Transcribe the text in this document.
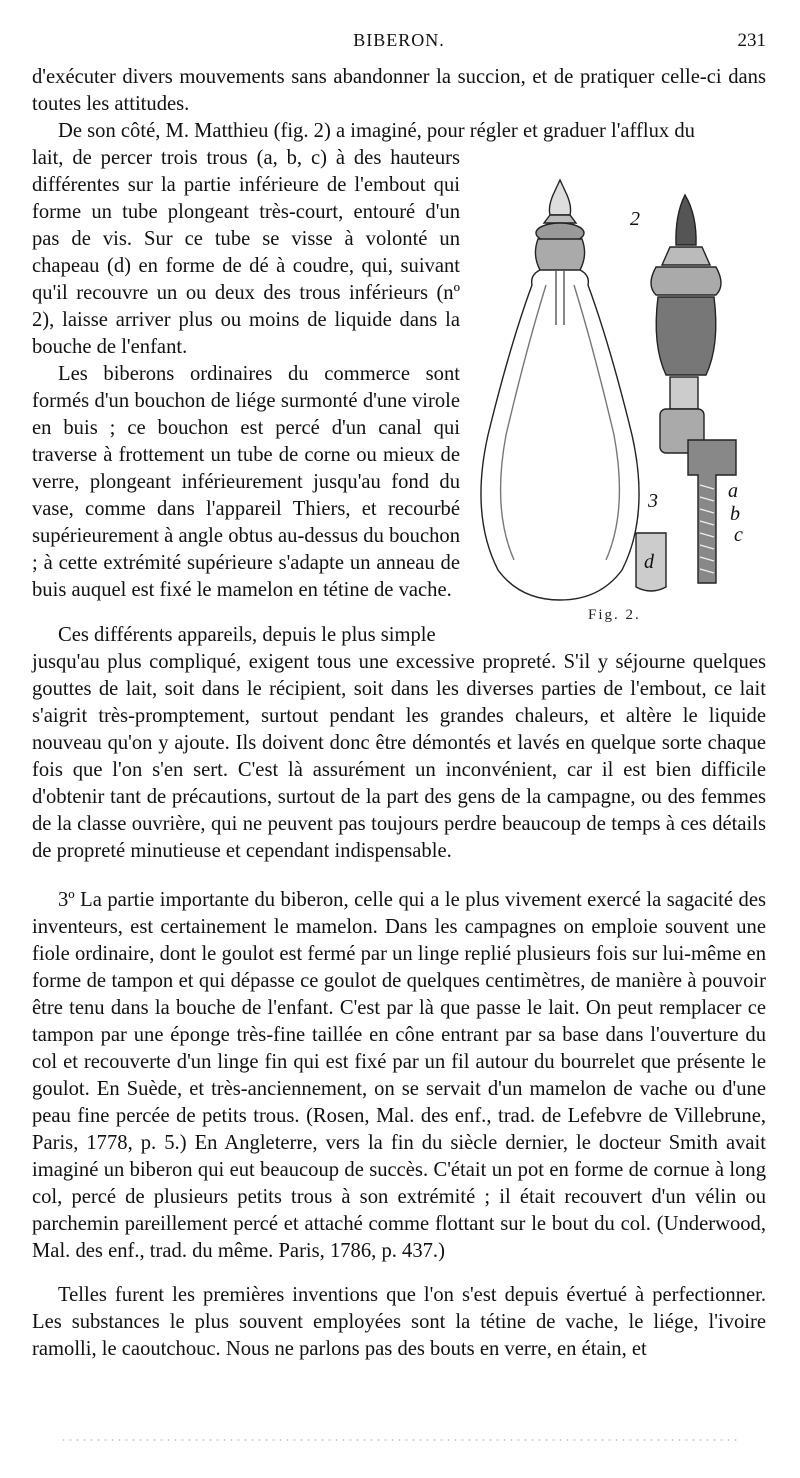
BIBERON.	231

d'exécuter divers mouvements sans abandonner la succion, et de pratiquer celle-ci dans toutes les attitudes.

De son côté, M. Matthieu (fig. 2) a imaginé, pour régler et graduer l'afflux du

lait, de percer trois trous (a, b, c) à des hauteurs différentes sur la partie inférieure de l'embout qui forme un tube plongeant très-court, entouré d'un pas de vis. Sur ce tube se visse à volonté un chapeau (d) en forme de dé à coudre, qui, suivant qu'il recouvre un ou deux des trous inférieurs (nº 2), laisse arriver plus ou moins de liquide dans la bouche de l'enfant.

Les biberons ordinaires du commerce sont formés d'un bouchon de liége surmonté d'une virole en buis ; ce bouchon est percé d'un canal qui traverse à frottement un tube de corne ou mieux de verre, plongeant inférieurement jusqu'au fond du vase, comme dans l'appareil Thiers, et recourbé supérieurement à angle obtus au-dessus du bouchon ; à cette extrémité supérieure s'adapte un anneau de buis auquel est fixé le mamelon en tétine de vache.

Ces différents appareils, depuis le plus simple

jusqu'au plus compliqué, exigent tous une excessive propreté. S'il y séjourne quelques gouttes de lait, soit dans le récipient, soit dans les diverses parties de l'embout, ce lait s'aigrit très-promptement, surtout pendant les grandes chaleurs, et altère le liquide nouveau qu'on y ajoute. Ils doivent donc être démontés et lavés en quelque sorte chaque fois que l'on s'en sert. C'est là assurément un inconvénient, car il est bien difficile d'obtenir tant de précautions, surtout de la part des gens de la campagne, ou des femmes de la classe ouvrière, qui ne peuvent pas toujours perdre beaucoup de temps à ces détails de propreté minutieuse et cependant indispensable.

3º La partie importante du biberon, celle qui a le plus vivement exercé la sagacité des inventeurs, est certainement le mamelon. Dans les campagnes on emploie souvent une fiole ordinaire, dont le goulot est fermé par un linge replié plusieurs fois sur lui-même en forme de tampon et qui dépasse ce goulot de quelques centimètres, de manière à pouvoir être tenu dans la bouche de l'enfant. C'est par là que passe le lait. On peut remplacer ce tampon par une éponge très-fine taillée en cône entrant par sa base dans l'ouverture du col et recouverte d'un linge fin qui est fixé par un fil autour du bourrelet que présente le goulot. En Suède, et très-anciennement, on se servait d'un mamelon de vache ou d'une peau fine percée de petits trous. (Rosen, Mal. des enf., trad. de Lefebvre de Villebrune, Paris, 1778, p. 5.) En Angleterre, vers la fin du siècle dernier, le docteur Smith avait imaginé un biberon qui eut beaucoup de succès. C'était un pot en forme de cornue à long col, percé de plusieurs petits trous à son extrémité ; il était recouvert d'un vélin ou parchemin pareillement percé et attaché comme flottant sur le bout du col. (Underwood, Mal. des enf., trad. du même. Paris, 1786, p. 437.)

Telles furent les premières inventions que l'on s'est depuis évertué à perfectionner. Les substances le plus souvent employées sont la tétine de vache, le liége, l'ivoire ramolli, le caoutchouc. Nous ne parlons pas des bouts en verre, en étain, et

2
3	a
b
c
d
Fig. 2.
